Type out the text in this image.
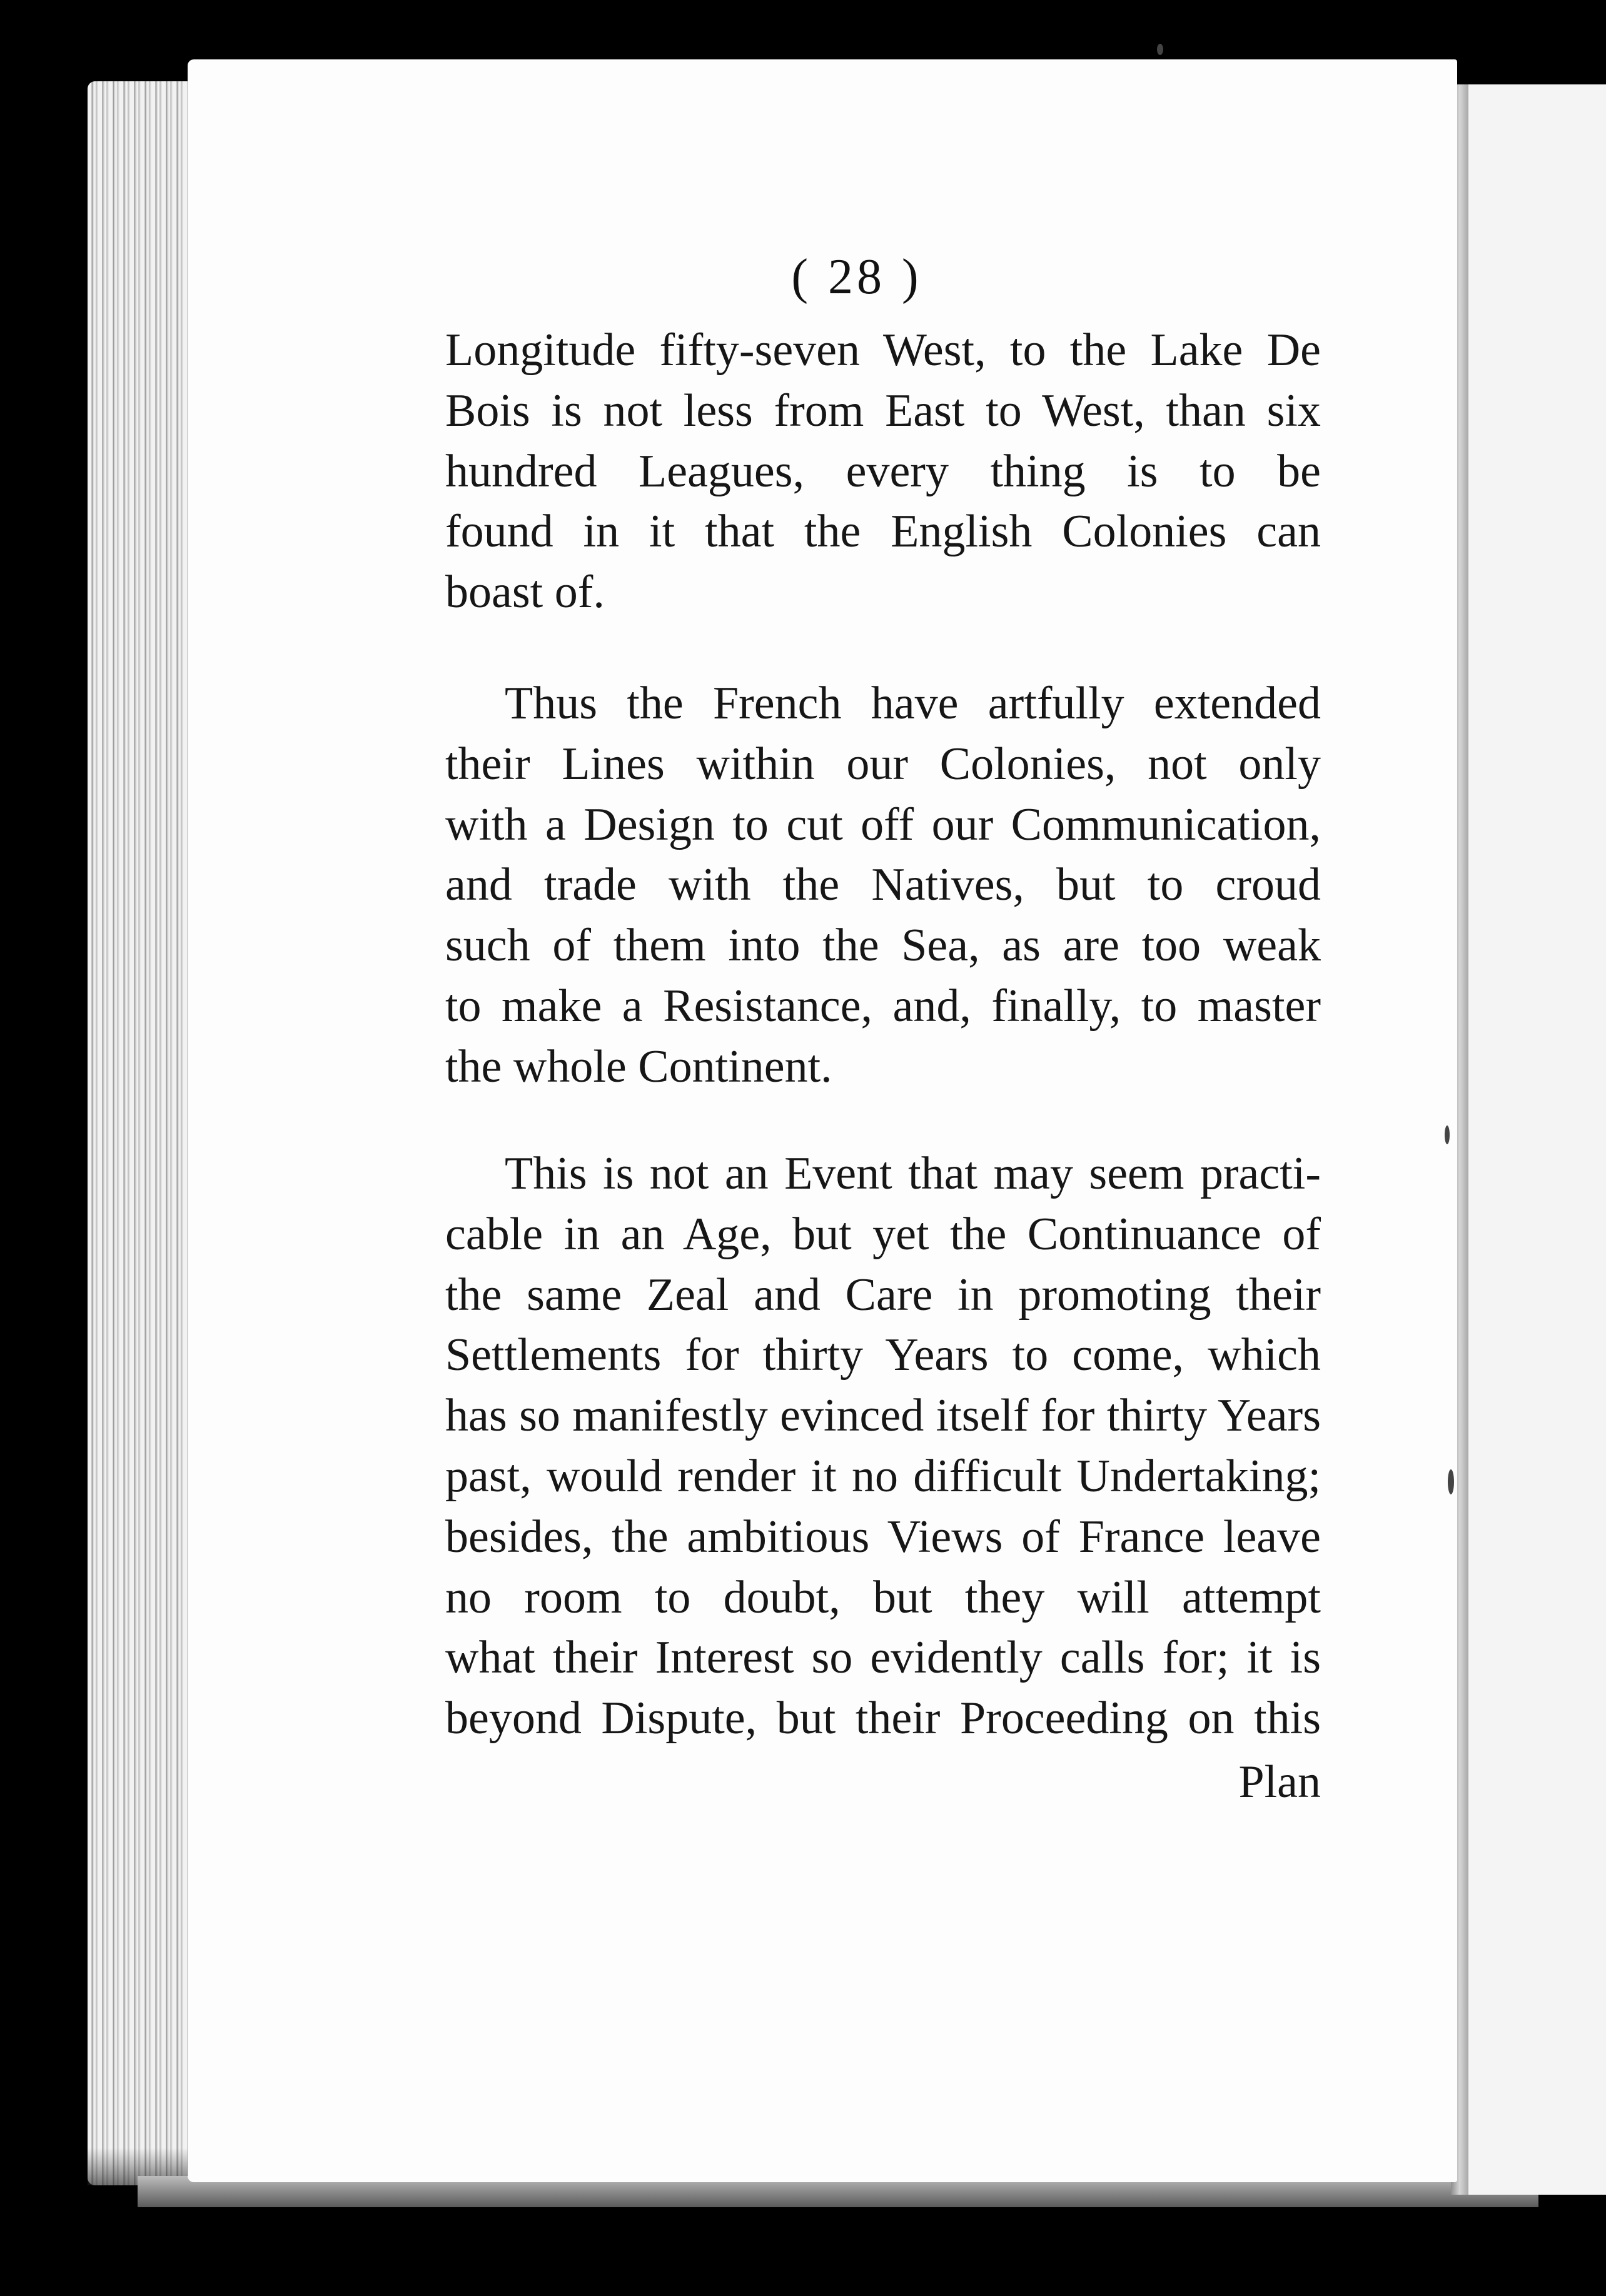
( 28 )

Longitude fifty-seven West, to the Lake De

Bois is not less from East to West, than six

hundred Leagues, every thing is to be

found in it that the English Colonies can

boast of.

Thus the French have artfully extended

their Lines within our Colonies, not only

with a Design to cut off our Communication,

and trade with the Natives, but to croud

such of them into the Sea, as are too weak

to make a Resistance, and, finally, to master

the whole Continent.

This is not an Event that may seem practi-

cable in an Age, but yet the Continuance of

the same Zeal and Care in promoting their

Settlements for thirty Years to come, which

has so manifestly evinced itself for thirty Years

past, would render it no difficult Undertaking;

besides, the ambitious Views of France leave

no room to doubt, but they will attempt

what their Interest so evidently calls for; it is

beyond Dispute, but their Proceeding on this

Plan
